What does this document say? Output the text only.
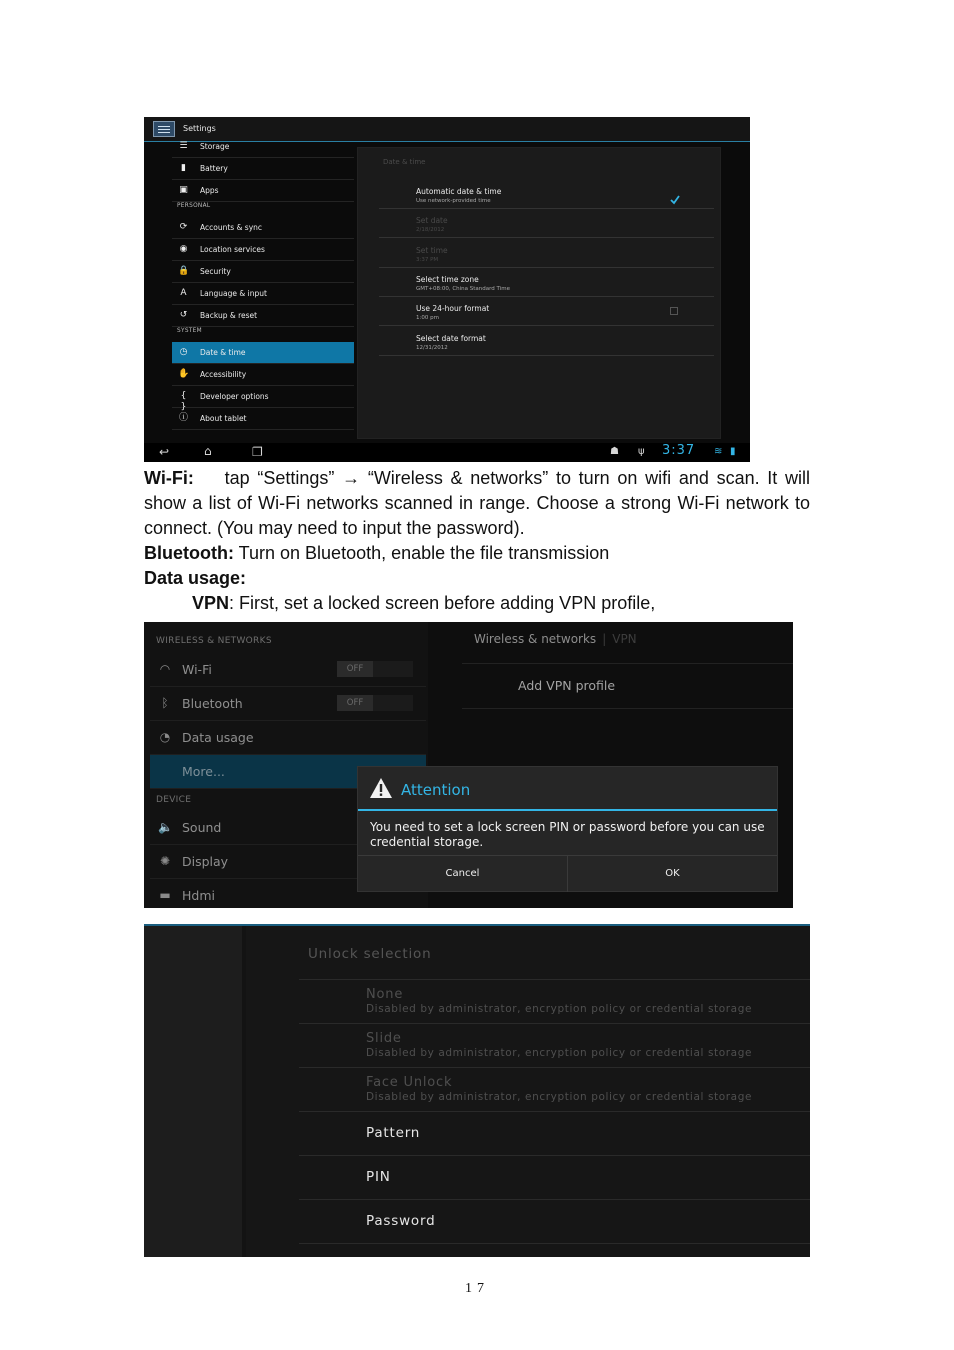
Settings
☰ Storage
▮	Battery
▣ Apps
⟳ Accounts & sync
◉ Location services
🔒 Security
A	Language & input
↺ Backup & reset
◷ Date & time
✋ Accessibility
{ }
Developer options
ⓘ About tablet
PERSONAL
SYSTEM
Date & time
Automatic date & time
Use network-provided time
Set date
2/18/2012
Set time
3:37 PM
Select time zone
GMT+08:00, China Standard Time
Use 24-hour format
1:00 pm
Select date format
12/31/2012
↩	⌂	❐	☗ ψ 3:37 ≋ ▮
Wi-Fi: tap “Settings” → “Wireless & networks” to turn on wifi and scan. It will show a list of Wi-Fi networks scanned in range. Choose a strong Wi-Fi network to connect. (You may need to input the password).
Bluetooth: Turn on Bluetooth, enable the file transmission
Data usage:
VPN: First, set a locked screen before adding VPN profile,
WIRELESS & NETWORKS
DEVICE
◠ Wi-Fi	OFF
ᛒ Bluetooth	OFF
◔ Data usage
More...
🔈 Sound
✺ Display
▬ Hdmi
Wireless & networks | VPN
Add VPN profile
Attention
You need to set a lock screen PIN or password before you can use credential storage.
Cancel	OK
Unlock selection
None
Disabled by administrator, encryption policy or credential storage
Slide
Disabled by administrator, encryption policy or credential storage
Face Unlock
Disabled by administrator, encryption policy or credential storage
Pattern
PIN
Password
17
